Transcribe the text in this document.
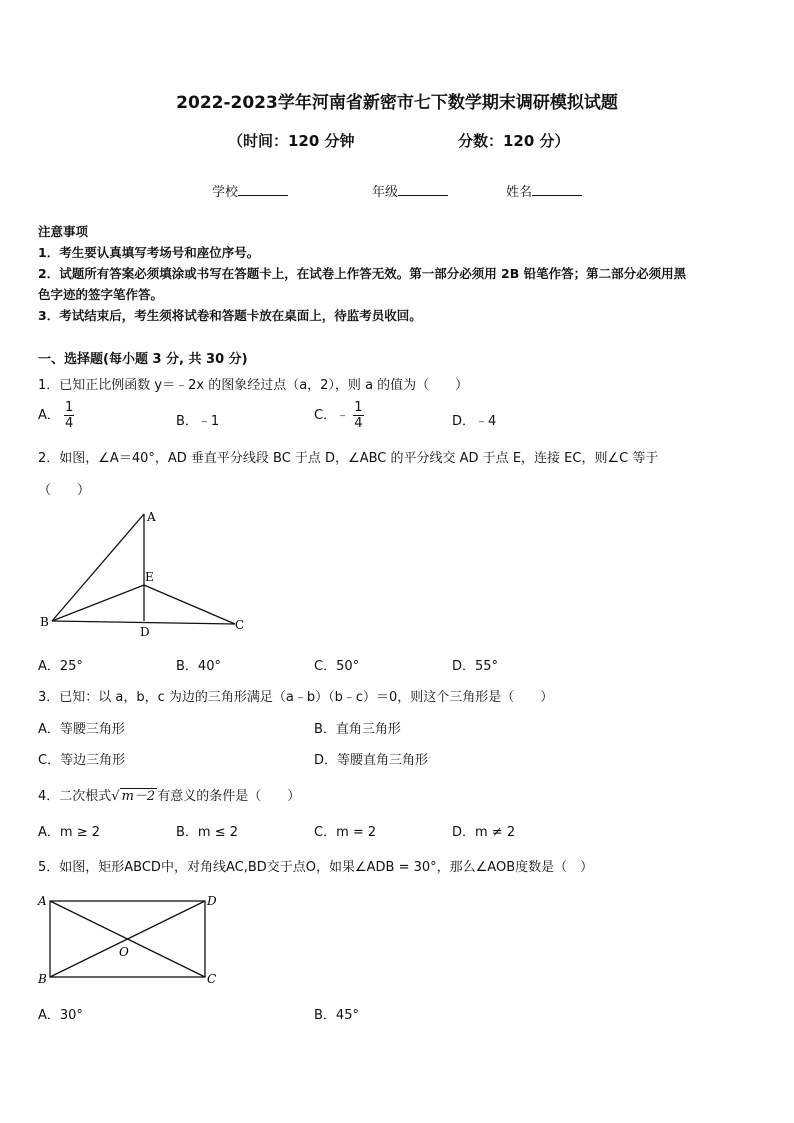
2022-2023学年河南省新密市七下数学期末调研模拟试题
（时间：120 分钟	分数：120 分）
学校	年级	姓名
注意事项
1．考生要认真填写考场号和座位序号。
2．试题所有答案必须填涂或书写在答题卡上，在试卷上作答无效。第一部分必须用 2B 铅笔作答；第二部分必须用黑
色字迹的签字笔作答。
3．考试结束后，考生须将试卷和答题卡放在桌面上，待监考员收回。
一、选择题(每小题 3 分, 共 30 分)
1．已知正比例函数 y＝﹣2x 的图象经过点（a，2），则 a 的值为（　　）
A． $\frac{1}{4}$	B．﹣1	C．﹣ $\frac{1}{4}$	D．﹣4
2．如图，∠A＝40°，AD 垂直平分线段 BC 于点 D，∠ABC 的平分线交 AD 于点 E，连接 EC，则∠C 等于
（　　）
A
B	C
D
E
A．25°	B．40°	C．50°	D．55°
3．已知：以 a，b，c 为边的三角形满足（a﹣b）（b﹣c）＝0，则这个三角形是（　　）
A．等腰三角形	B．直角三角形
C．等边三角形	D．等腰直角三角形
4．二次根式√ m－2 有意义的条件是（　　）
A．m ≥ 2	B．m ≤ 2	C．m = 2	D．m ≠ 2
5．如图，矩形ABCD中，对角线AC,BD交于点O，如果∠ADB = 30°，那么∠AOB度数是（　）
A
B	C
D
O
A．30°	B．45°
